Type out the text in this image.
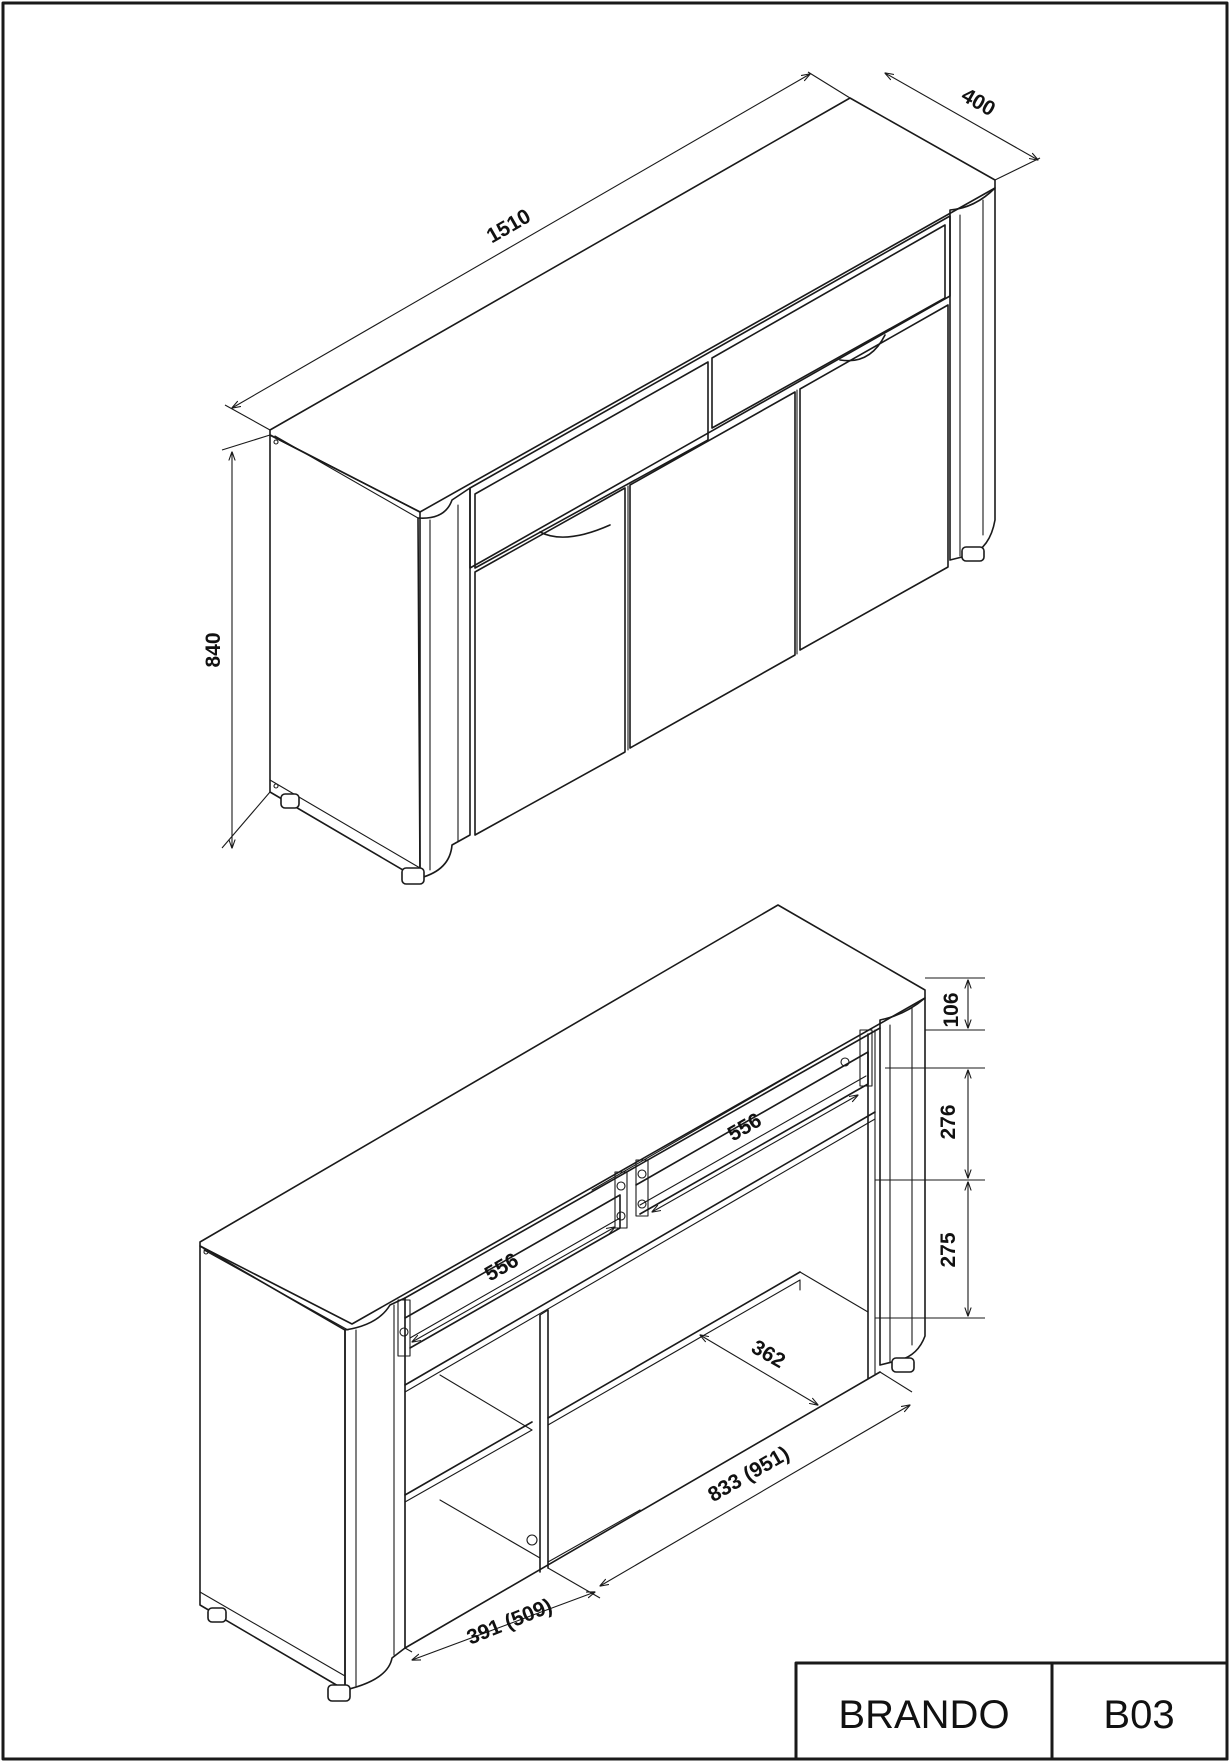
1510
400
840
106
276
275
556
556
362
833 (951)
391 (509)
BRANDO B03
